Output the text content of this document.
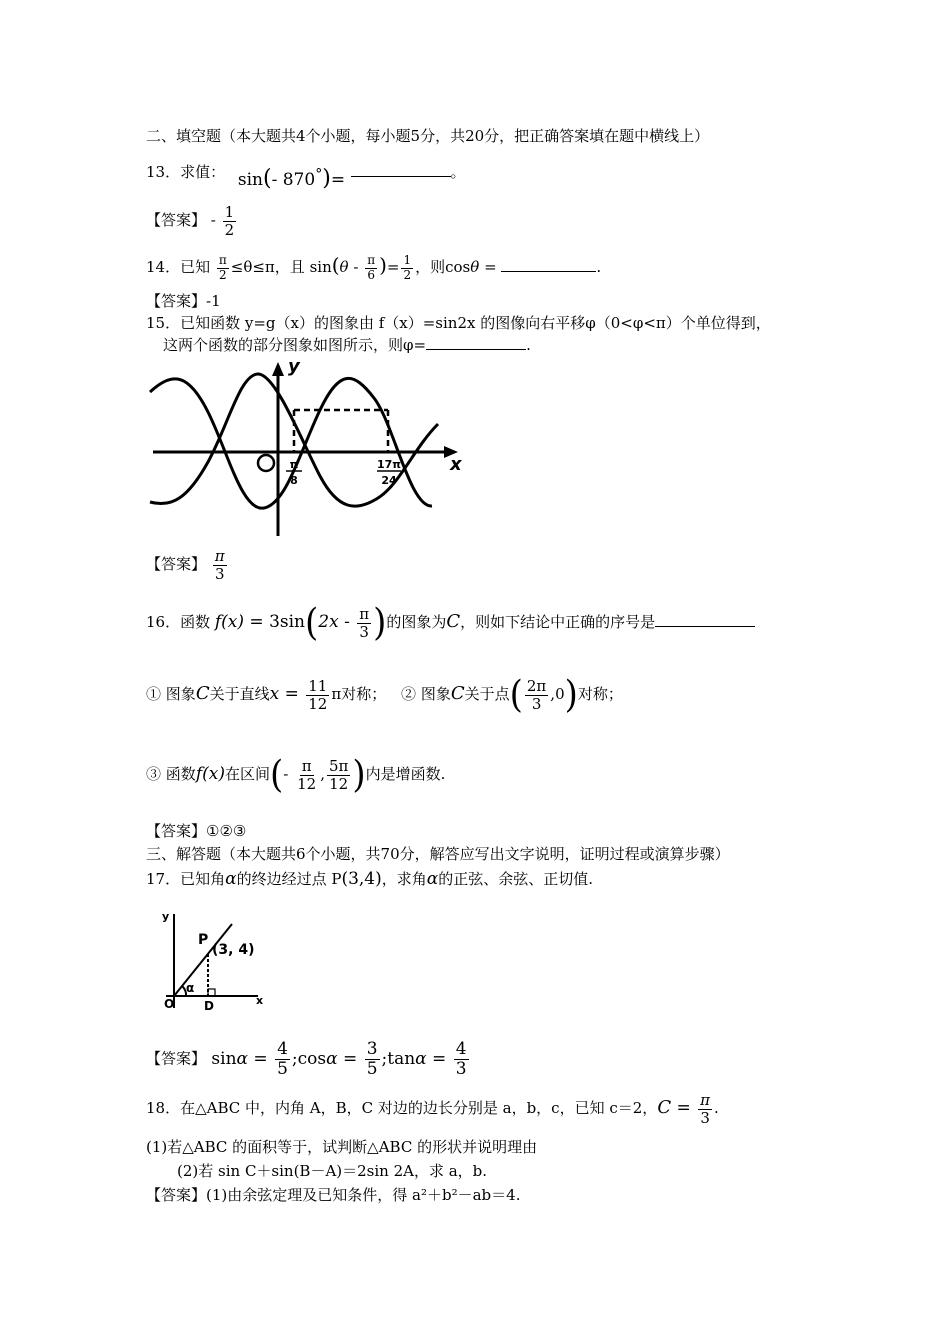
二、填空题（本大题共4个小题，每小题5分，共20分，把正确答案填在题中横线上）
13．求值： sin(- 870°)=	。
【答案】 - $\frac{1}{2}$
14．已知 $\frac{\pi}{2} \le\theta\le\pi$，且 $\sin(\theta - \frac{\pi}{6}$ )= $\frac{1}{2}$ ，则cosθ =	.
【答案】-1
15．已知函数 y=g（x）的图象由 f（x）=sin2x 的图像向右平移φ（0<φ<π）个单位得到，
这两个函数的部分图象如图所示，则φ=	.
y
x
π
8
17π
24
【答案】 $\frac{\pi}{3}$
16．函数 $f(x) = 3\sin(2x - \frac{\pi}{3}$ )的图象为C，则如下结论中正确的序号是
① 图象C关于直线$x = \frac{11}{12}$ π对称； ② 图象C关于点( $\frac{2\pi}{3} ,0$)对称；
③ 函数f(x)在区间(- $\frac{\pi}{12}$ , $\frac{5\pi}{12}$ )内是增函数.
【答案】①②③
三、解答题（本大题共6个小题，共70分，解答应写出文字说明，证明过程或演算步骤）
17．已知角α的终边经过点 P(3,4)，求角α的正弦、余弦、正切值.
y
x
O D
P
(3, 4)
α
【答案】 $\sin\alpha = \frac{4}{5}$ ;cosα = $\frac{3}{5}$ ;tanα = $\frac{4}{3}$
18．在△ABC 中，内角 A，B，C 对边的边长分别是 a，b，c，已知 c＝2，$C = \frac{\pi}{3}$ .
(1)若△ABC 的面积等于，试判断△ABC 的形状并说明理由
(2)若 sin C＋sin(B－A)＝2sin 2A，求 a，b.
【答案】(1)由余弦定理及已知条件，得 a²＋b²－ab＝4.
